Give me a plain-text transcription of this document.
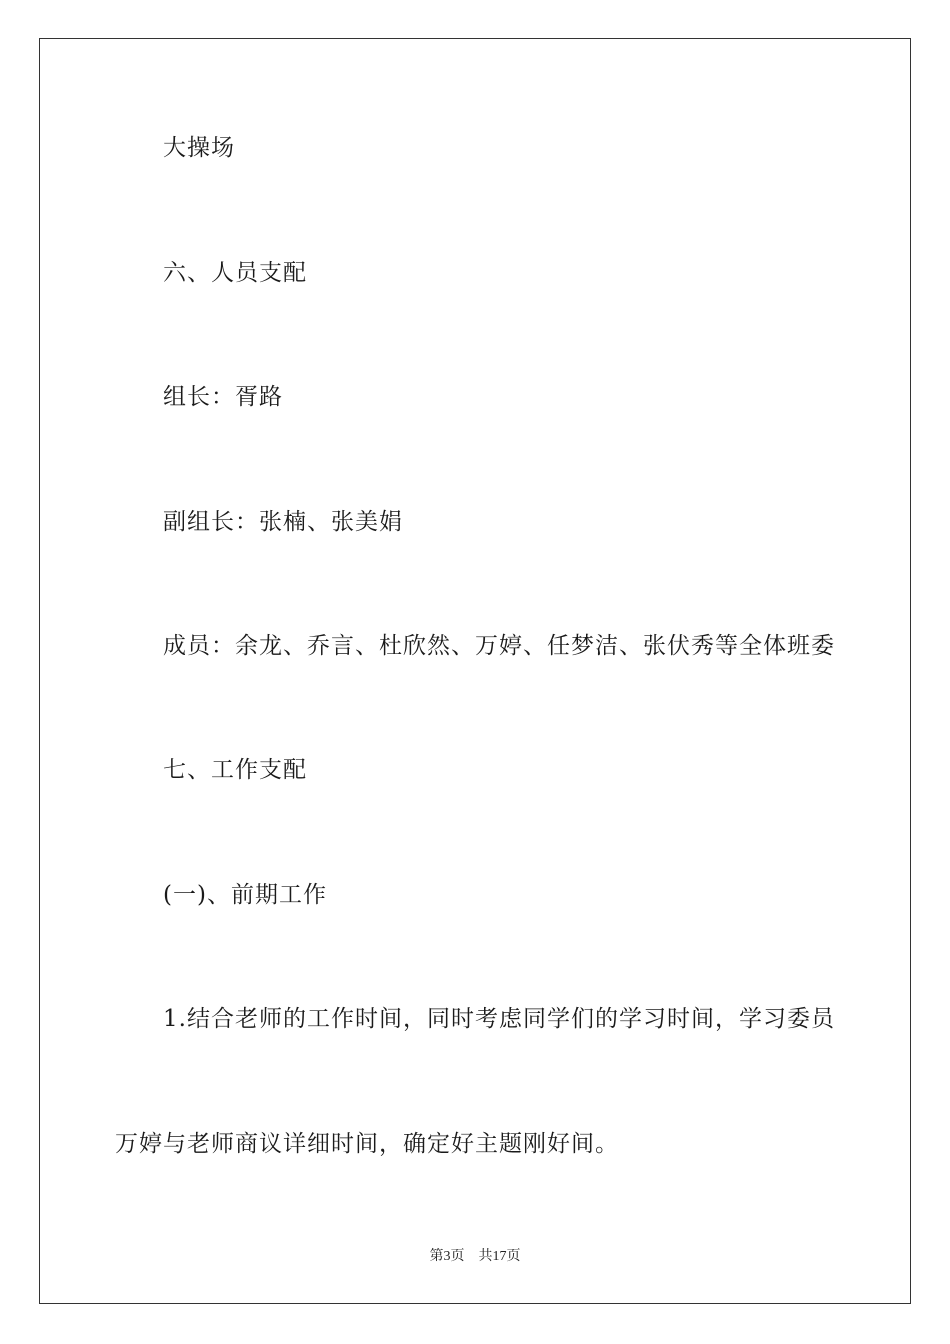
大操场
六、人员支配
组长：胥路
副组长：张楠、张美娟
成员：余龙、乔言、杜欣然、万婷、任梦洁、张伏秀等全体班委
七、工作支配
(一)、前期工作
1.结合老师的工作时间，同时考虑同学们的学习时间，学习委员
万婷与老师商议详细时间，确定好主题刚好间。
第3页 共17页
